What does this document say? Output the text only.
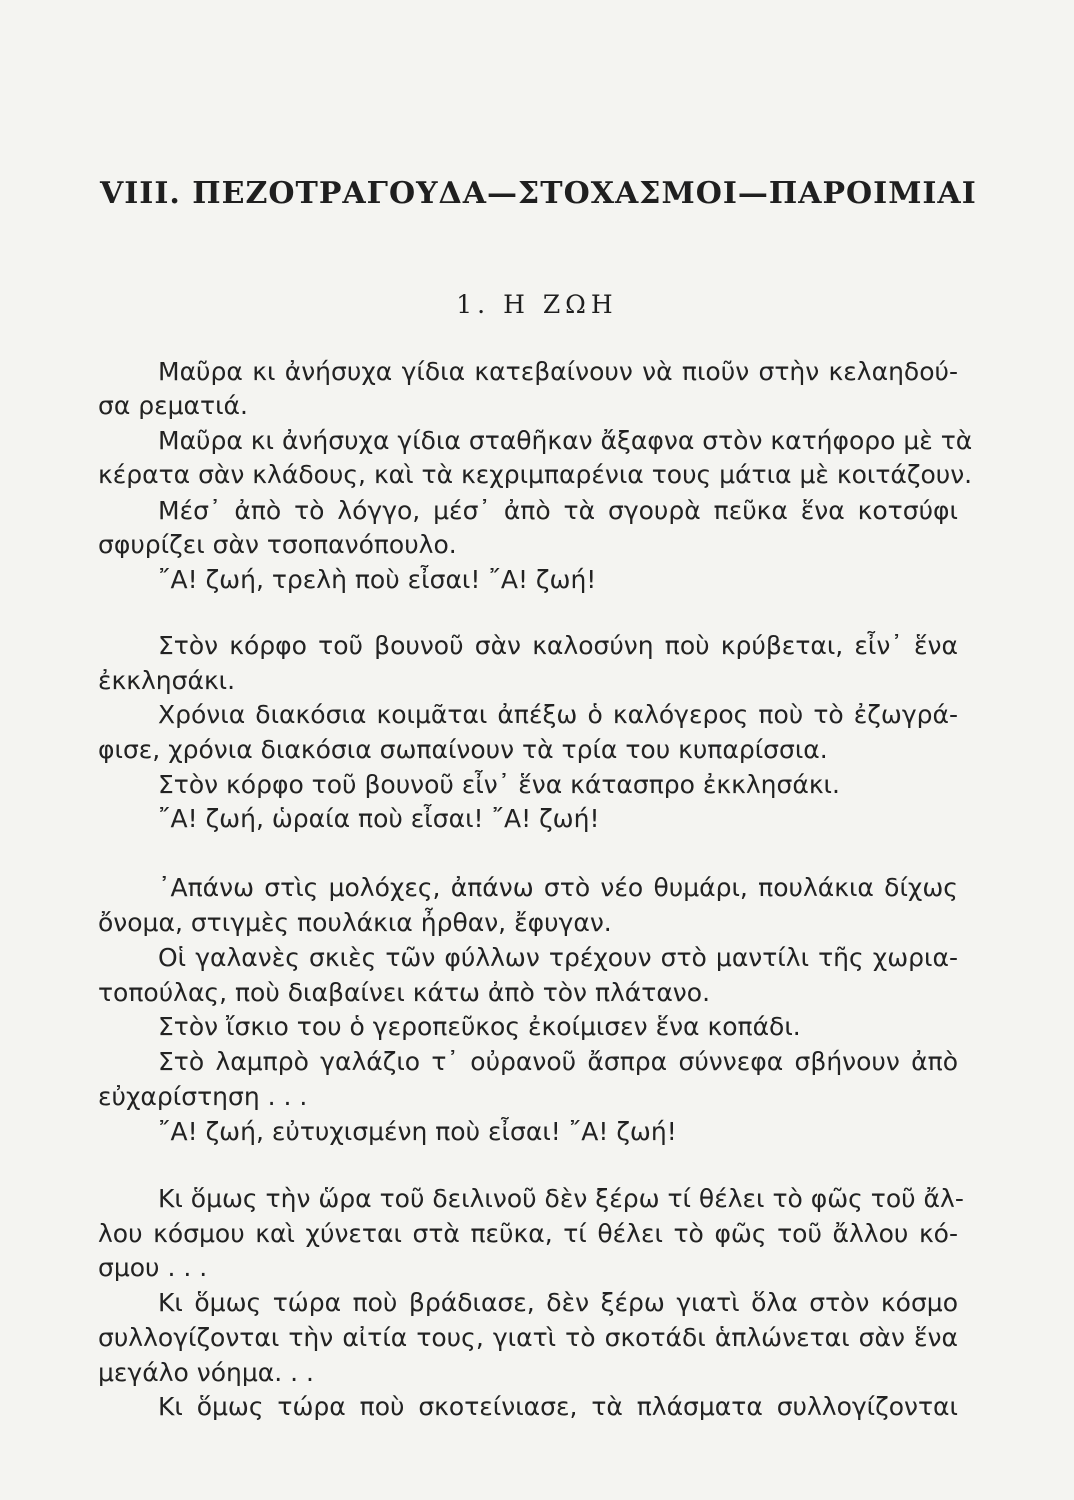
VIII. ΠΕΖΟΤΡΑΓΟΥΔΑ—ΣΤΟΧΑΣΜΟΙ—ΠΑΡΟΙΜΙΑΙ
1. Η ΖΩΗ
Μαῦρα κι ἀνήσυχα γίδια κατεβαίνουν νὰ πιοῦν στὴν κελαηδού-
σα ρεματιά.
Μαῦρα κι ἀνήσυχα γίδια σταθῆκαν ἄξαφνα στὸν κατήφορο μὲ τὰ
κέρατα σὰν κλάδους, καὶ τὰ κεχριμπαρένια τους μάτια μὲ κοιτάζουν.
Μέσ᾽ ἀπὸ τὸ λόγγο, μέσ᾽ ἀπὸ τὰ σγουρὰ πεῦκα ἕνα κοτσύφι
σφυρίζει σὰν τσοπανόπουλο.
῎Α! ζωή, τρελὴ ποὺ εἶσαι! ῎Α! ζωή!
Στὸν κόρφο τοῦ βουνοῦ σὰν καλοσύνη ποὺ κρύβεται, εἶν᾽ ἕνα
ἐκκλησάκι.
Χρόνια διακόσια κοιμᾶται ἀπέξω ὁ καλόγερος ποὺ τὸ ἐζωγρά-
φισε, χρόνια διακόσια σωπαίνουν τὰ τρία του κυπαρίσσια.
Στὸν κόρφο τοῦ βουνοῦ εἶν᾽ ἕνα κάτασπρο ἐκκλησάκι.
῎Α! ζωή, ὡραία ποὺ εἶσαι! ῎Α! ζωή!
᾽Απάνω στὶς μολόχες, ἀπάνω στὸ νέο θυμάρι, πουλάκια δίχως
ὄνομα, στιγμὲς πουλάκια ἦρθαν, ἔφυγαν.
Οἱ γαλανὲς σκιὲς τῶν φύλλων τρέχουν στὸ μαντίλι τῆς χωρια-
τοπούλας, ποὺ διαβαίνει κάτω ἀπὸ τὸν πλάτανο.
Στὸν ἴσκιο του ὁ γεροπεῦκος ἐκοίμισεν ἕνα κοπάδι.
Στὸ λαμπρὸ γαλάζιο τ᾽ οὐρανοῦ ἄσπρα σύννεφα σβήνουν ἀπὸ
εὐχαρίστηση . . .
῎Α! ζωή, εὐτυχισμένη ποὺ εἶσαι! ῎Α! ζωή!
Κι ὅμως τὴν ὥρα τοῦ δειλινοῦ δὲν ξέρω τί θέλει τὸ φῶς τοῦ ἄλ-
λου κόσμου καὶ χύνεται στὰ πεῦκα, τί θέλει τὸ φῶς τοῦ ἄλλου κό-
σμου . . .
Κι ὅμως τώρα ποὺ βράδιασε, δὲν ξέρω γιατὶ ὅλα στὸν κόσμο
συλλογίζονται τὴν αἰτία τους, γιατὶ τὸ σκοτάδι ἁπλώνεται σὰν ἕνα
μεγάλο νόημα. . .
Κι ὅμως τώρα ποὺ σκοτείνιασε, τὰ πλάσματα συλλογίζονται
